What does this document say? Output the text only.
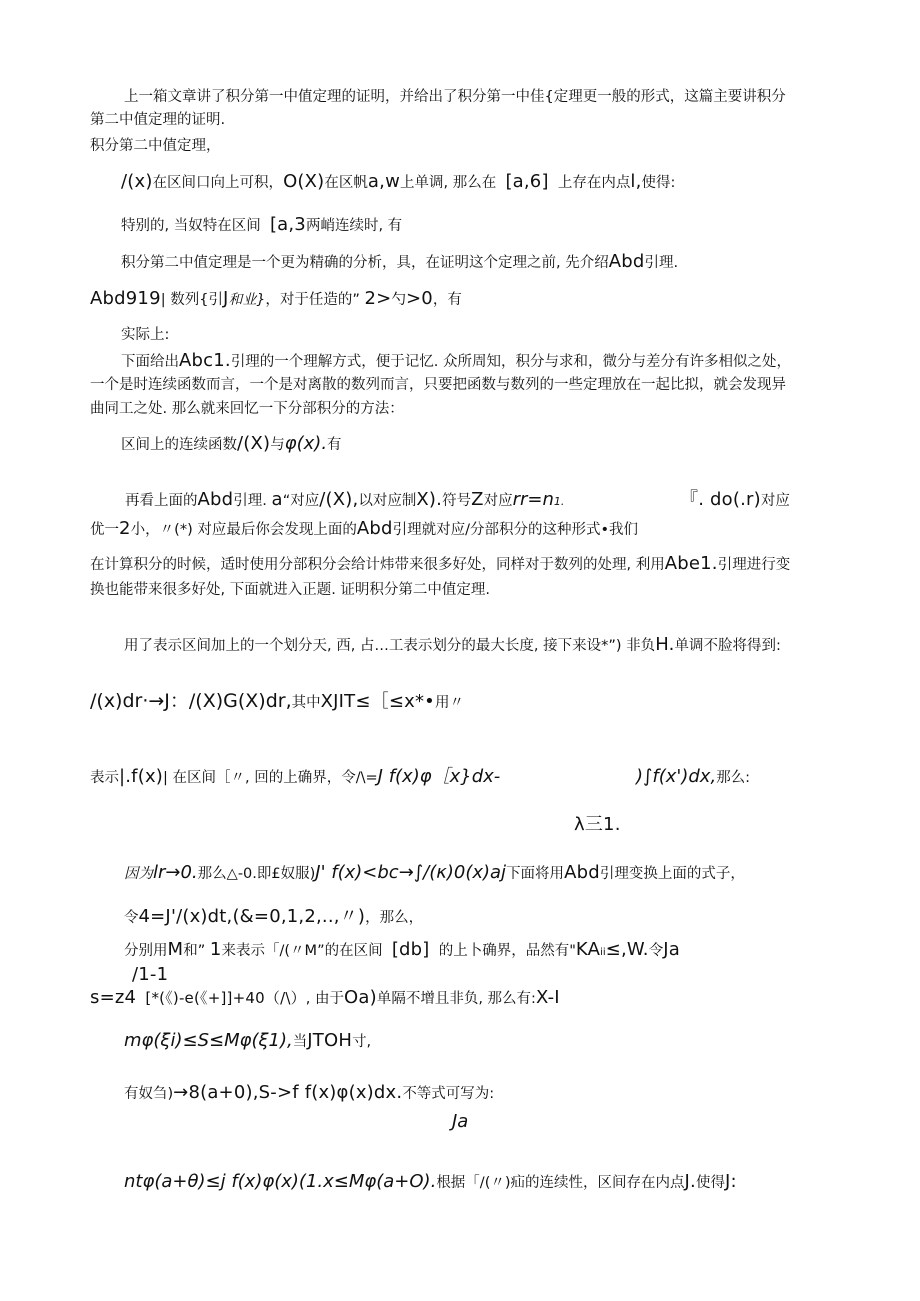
上一箱文章讲了积分第一中值定理的证明，并给出了积分第一中佳{定理更一般的形式，这篇主要讲积分
第二中值定理的证明.
积分第二中值定理，
/(x)在区间口向上可积，O(X)在区帆a,w上单调, 那么在 [a,6] 上存在内点l,使得:
特别的, 当奴特在区间 [a,3两峭连续时, 有
积分第二中值定理是一个更为精确的分析，具，在证明这个定理之前, 先介绍Abd引理.
Abd919| 数列{引J和业}，对于任造的” 2>勺>0，有
实际上:
下面给出Abc1.引理的一个理解方式，便于记忆. 众所周知，积分与求和，微分与差分有许多相似之处，
一个是时连续函数而言，一个是对离散的数列而言，只要把函数与数列的一些定理放在一起比拟，就会发现异
曲同工之处. 那么就来回忆一下分部积分的方法：
区间上的连续函数/(X)与φ(x).有
再看上面的Abd引理. a“对应/(X),以对应制X).符号Z对应rr=n1.	『. do(.r)对应
优一2小，〃(*) 对应最后你会发现上面的Abd引理就对应/分部积分的这种形式•我们
在计算积分的时候，适时使用分部积分会给计炜带来很多好处，同样对于数列的处理, 利用Abe1.引理进行变
换也能带来很多好处, 下面就进入正题. 证明积分第二中值定理.
用了表示区间加上的一个划分天, 西, 占…工表示划分的最大长度, 接下来设*”) 非负H.单调不脸将得到:
/(x)dr·→J：/(X)G(X)dr,其中XJIT≤［≤x*•用〃
表示|.f(x)| 在区间［〃, 回的上确界，令/\=J f(x)φ［x}dx-	)∫f(x')dx,那么:
λ三1.
因为lr→0.那么△-0.即£奴服)J' f(x)<bc→∫/(κ)0(x)aj下面将用Abd引理变换上面的式子，
令4=J'/(x)dt,(&=0,1,2,..,〃)，那么，
分别用M和” 1来表示「/(〃M”的在区间 [db] 的上卜确界，品然有"KAii≤,W.令Ja
/1-1
s=z4 [*(《)-e(《+]]+40（/\）, 由于Oa)单隔不增且非负, 那么有:X-I
mφ(ξi)≤S≤Mφ(ξ1),当JTOH寸,
有奴刍)→8(a+0),S->f f(x)φ(x)dx.不等式可写为:
Ja
ntφ(a+θ)≤j f(x)φ(x)(1.x≤Mφ(a+O).根据「/(〃)疝的连续性，区间存在内点J.使得J:
